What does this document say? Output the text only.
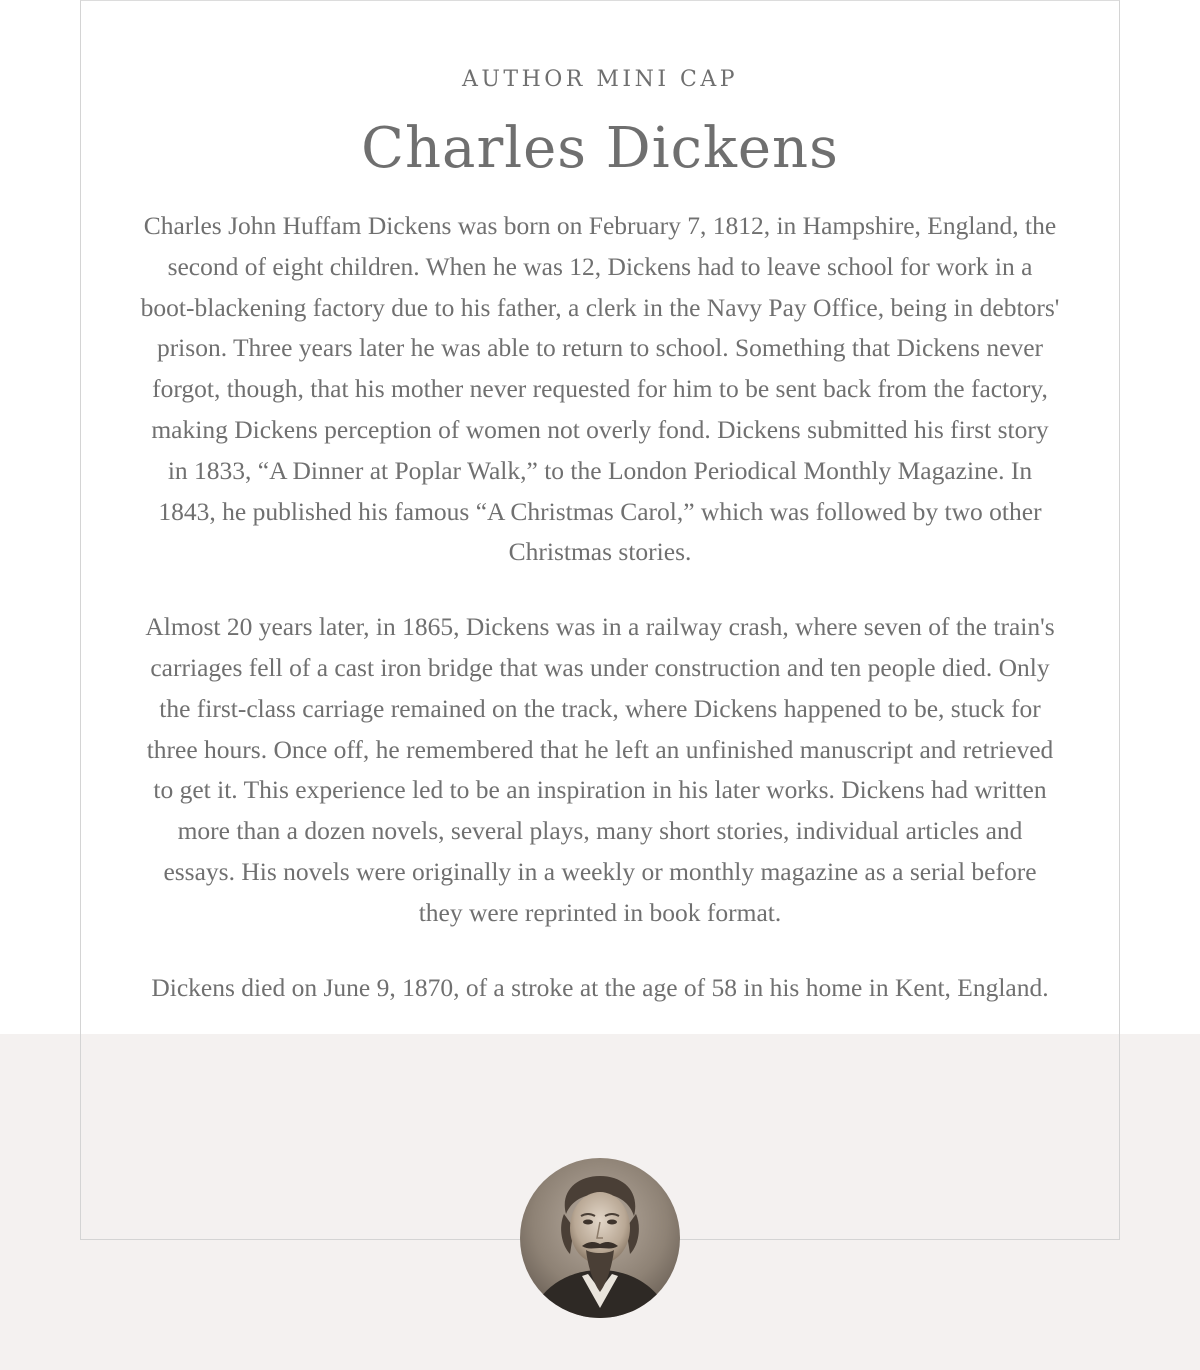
AUTHOR MINI CAP
Charles Dickens

Charles John Huffam Dickens was born on February 7, 1812, in Hampshire, England, the second of eight children. When he was 12, Dickens had to leave school for work in a boot-blackening factory due to his father, a clerk in the Navy Pay Office, being in debtors' prison. Three years later he was able to return to school. Something that Dickens never forgot, though, that his mother never requested for him to be sent back from the factory, making Dickens perception of women not overly fond. Dickens submitted his first story in 1833, “A Dinner at Poplar Walk,” to the London Periodical Monthly Magazine. In 1843, he published his famous “A Christmas Carol,” which was followed by two other Christmas stories.

Almost 20 years later, in 1865, Dickens was in a railway crash, where seven of the train's carriages fell of a cast iron bridge that was under construction and ten people died. Only the first-class carriage remained on the track, where Dickens happened to be, stuck for three hours. Once off, he remembered that he left an unfinished manuscript and retrieved to get it. This experience led to be an inspiration in his later works. Dickens had written more than a dozen novels, several plays, many short stories, individual articles and essays. His novels were originally in a weekly or monthly magazine as a serial before they were reprinted in book format.

Dickens died on June 9, 1870, of a stroke at the age of 58 in his home in Kent, England.
